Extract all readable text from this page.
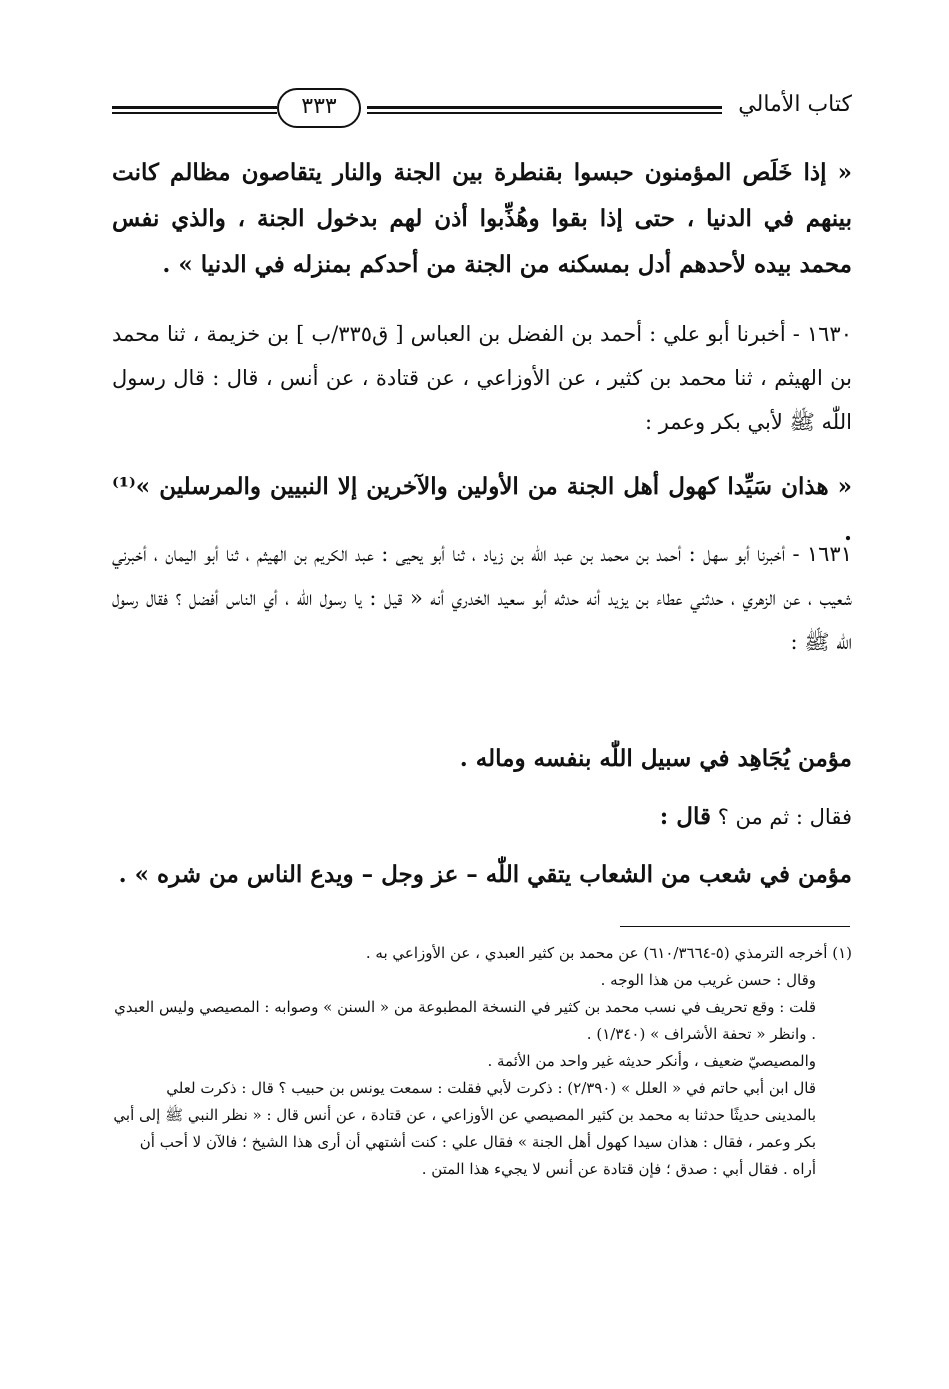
٣٣٣	كتاب الأمالي
« إذا خَلَص المؤمنون حبسوا بقنطرة بين الجنة والنار يتقاصون مظالم كانت بينهم في الدنيا ، حتى إذا بقوا وهُذِّبوا أذن لهم بدخول الجنة ، والذي نفس محمد بيده لأحدهم أدل بمسكنه من الجنة من أحدكم بمنزله في الدنيا » .
١٦٣٠ - أخبرنا أبو علي : أحمد بن الفضل بن العباس [ ق٣٣٥/ب ] بن خزيمة ، ثنا محمد بن الهيثم ، ثنا محمد بن كثير ، عن الأوزاعي ، عن قتادة ، عن أنس ، قال : قال رسول اللّٰه ﷺ لأبي بكر وعمر :
« هذان سَيِّدا كهول أهل الجنة من الأولين والآخرين إلا النبيين والمرسلين »⁽¹⁾ .
١٦٣١ - أخبرنا أبو سهل : أحمد بن محمد بن عبد اللّٰه بن زياد ، ثنا أبو يحيى : عبد الكريم بن الهيثم ، ثنا أبو اليمان ، أخبرني شعيب ، عن الزهري ، حدثني عطاء بن يزيد أنه حدثه أبو سعيد الخدري أنه « قيل : يا رسول اللّٰه ، أي الناس أفضل ؟ فقال رسول اللّٰه ﷺ :
مؤمن يُجَاهِد في سبيل اللّٰه بنفسه وماله .
فقال : ثم من ؟ قال :
مؤمن في شعب من الشعاب يتقي اللّٰه – عز وجل – ويدع الناس من شره » .

(١) أخرجه الترمذي (٥-٦١٠/٣٦٦٤) عن محمد بن كثير العبدي ، عن الأوزاعي به .

وقال : حسن غريب من هذا الوجه .

قلت : وقع تحريف في نسب محمد بن كثير في النسخة المطبوعة من « السنن » وصوابه : المصيصي وليس العبدي . وانظر « تحفة الأشراف » (١/٣٤٠) .

والمصيصيّ ضعيف ، وأنكر حديثه غير واحد من الأئمة .

قال ابن أبي حاتم في « العلل » (٢/٣٩٠) : ذكرت لأبي فقلت : سمعت يونس بن حبيب ؟ قال : ذكرت لعلي بالمدينى حديثًا حدثنا به محمد بن كثير المصيصي عن الأوزاعي ، عن قتادة ، عن أنس قال : « نظر النبي ﷺ إلى أبي بكر وعمر ، فقال : هذان سيدا كهول أهل الجنة » فقال علي : كنت أشتهي أن أرى هذا الشيخ ؛ فالآن لا أحب أن أراه . فقال أبي : صدق ؛ فإن قتادة عن أنس لا يجيء هذا المتن .
